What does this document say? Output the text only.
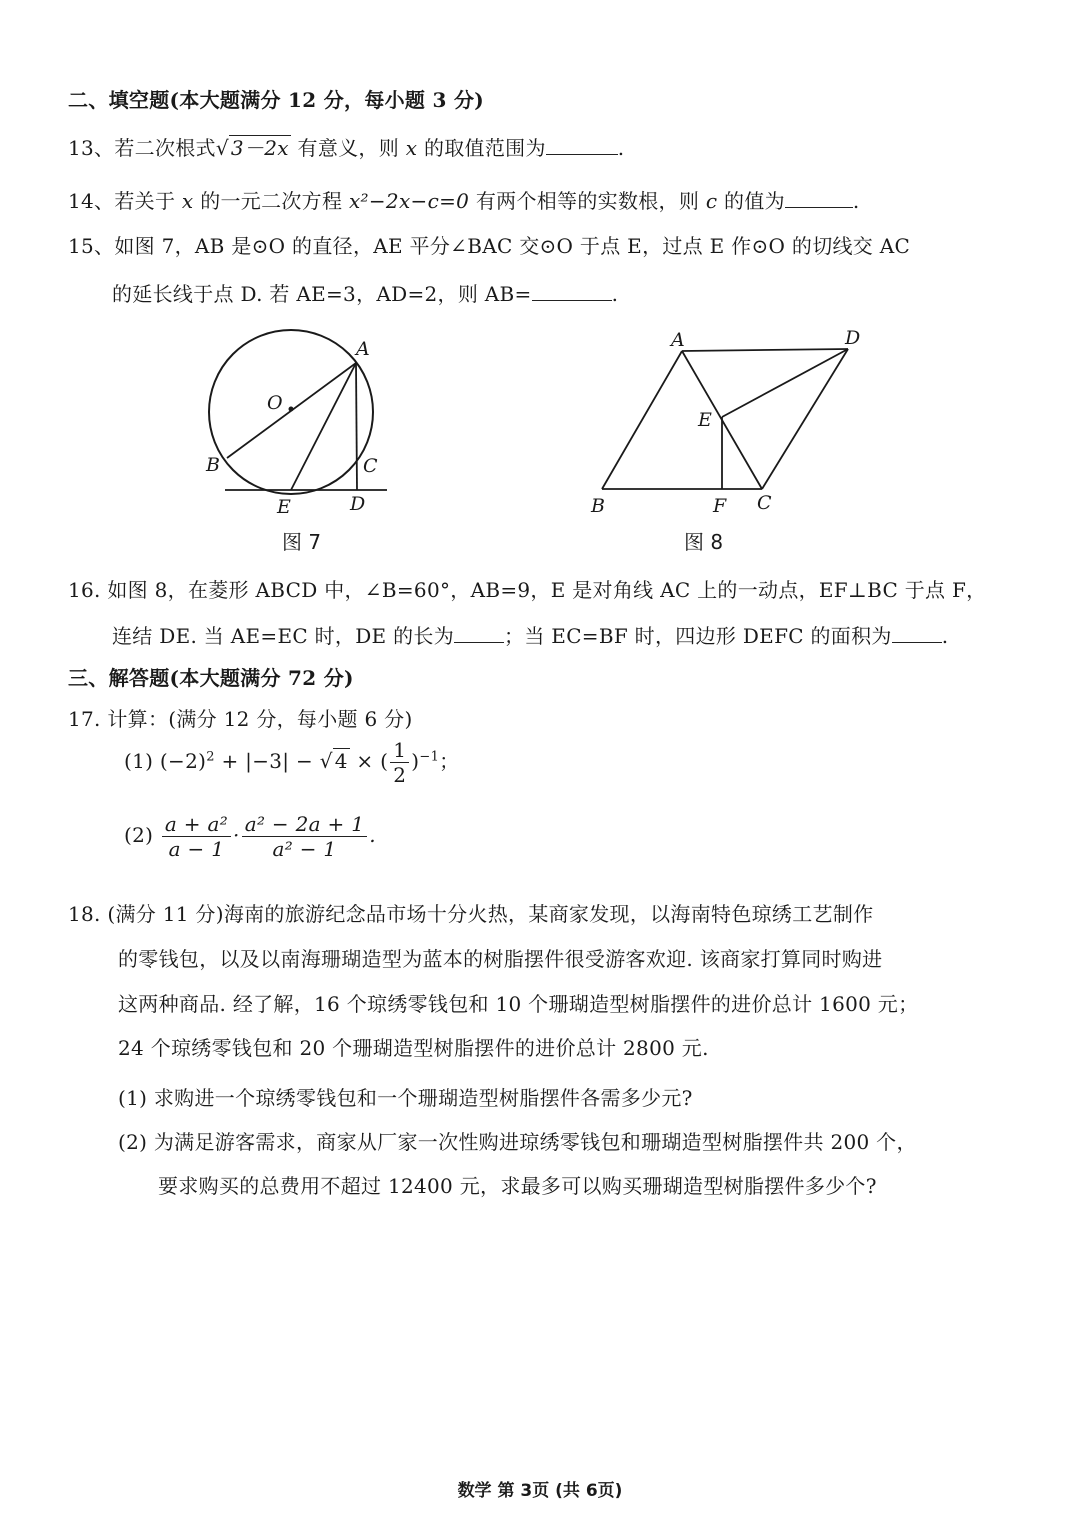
二、填空题(本大题满分 12 分，每小题 3 分)
13、若二次根式√ 3－2x 有意义，则 x 的取值范围为	.
14、若关于 x 的一元二次方程 x²−2x−c=0 有两个相等的实数根，则 c 的值为	.
15、如图 7，AB 是⊙O 的直径，AE 平分∠BAC 交⊙O 于点 E，过点 E 作⊙O 的切线交 AC
的延长线于点 D. 若 AE=3，AD=2，则 AB=	.
A
O
B	C
E	D
图 7
A	D
E
B	F C
图 8
16. 如图 8，在菱形 ABCD 中，∠B=60°，AB=9，E 是对角线 AC 上的一动点，EF⊥BC 于点 F，
连结 DE. 当 AE=EC 时，DE 的长为	；当 EC=BF 时，四边形 DEFC 的面积为	.
三、解答题(本大题满分 72 分)
17. 计算：(满分 12 分，每小题 6 分)
(1) $(-2)^2 + |-3|$ − √ 4 × ( $\frac{1}{2} )^{-1}$；
$(2) \frac{\text{a + a²}}{a - 1} \cdot \frac{\text{a² − 2a + 1}}{\text{a² − 1}}$ .
18. (满分 11 分)海南的旅游纪念品市场十分火热，某商家发现，以海南特色琼绣工艺制作
的零钱包，以及以南海珊瑚造型为蓝本的树脂摆件很受游客欢迎. 该商家打算同时购进
这两种商品. 经了解，16 个琼绣零钱包和 10 个珊瑚造型树脂摆件的进价总计 1600 元；
24 个琼绣零钱包和 20 个珊瑚造型树脂摆件的进价总计 2800 元.
(1) 求购进一个琼绣零钱包和一个珊瑚造型树脂摆件各需多少元?
(2) 为满足游客需求，商家从厂家一次性购进琼绣零钱包和珊瑚造型树脂摆件共 200 个，
要求购买的总费用不超过 12400 元，求最多可以购买珊瑚造型树脂摆件多少个?
数学 第 3页 (共 6页)
